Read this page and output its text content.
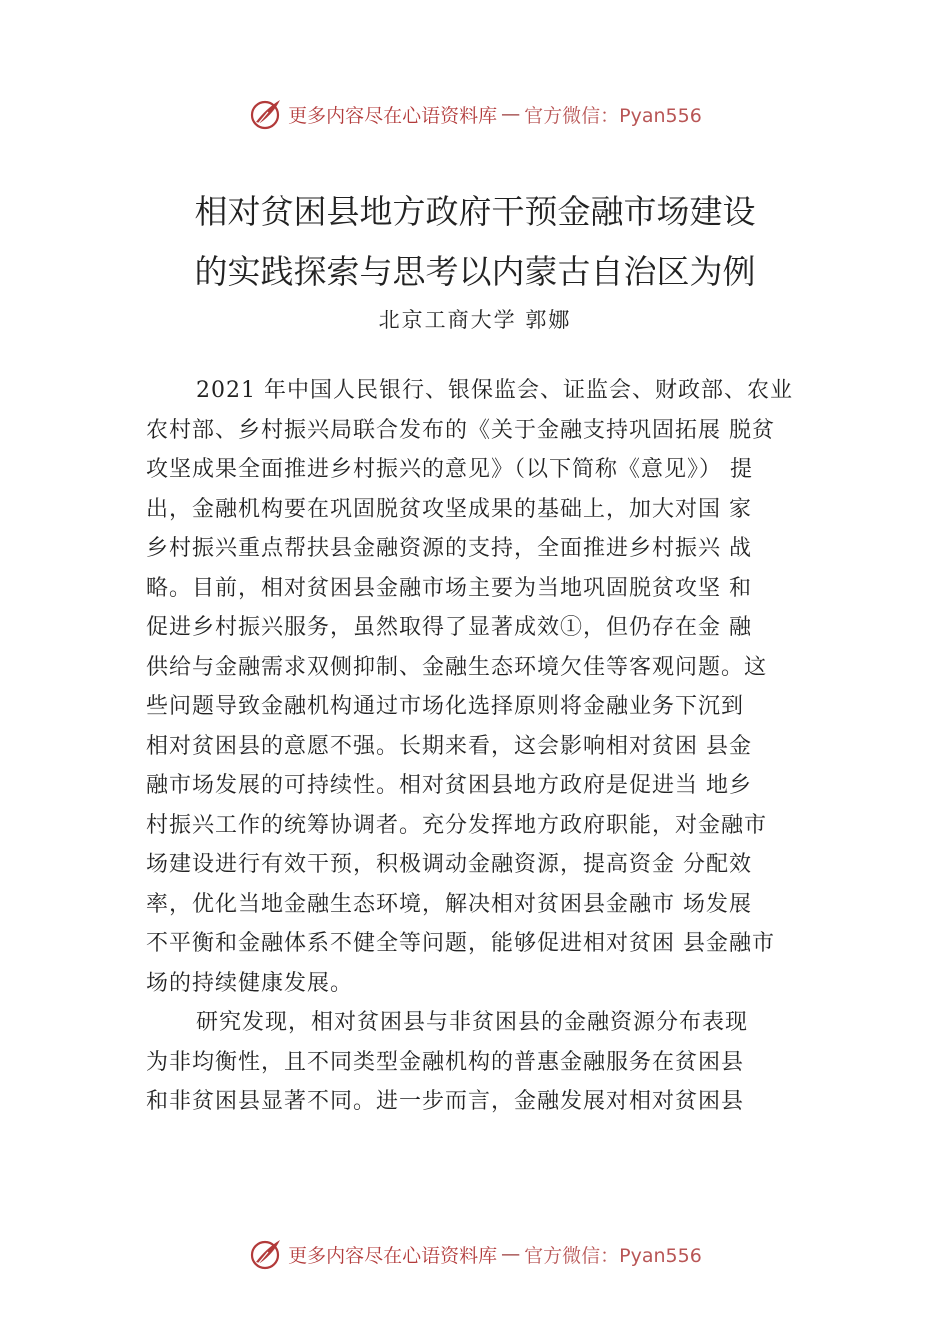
更多内容尽在心语资料库 — 官方微信：Pyan556
相对贫困县地方政府干预金融市场建设
的实践探索与思考以内蒙古自治区为例
北京工商大学 郭娜
2021 年中国人民银行、银保监会、证监会、财政部、农业
农村部、乡村振兴局联合发布的《关于金融支持巩固拓展 脱贫
攻坚成果全面推进乡村振兴的意见》（以下简称《意见》） 提
出，金融机构要在巩固脱贫攻坚成果的基础上，加大对国 家
乡村振兴重点帮扶县金融资源的支持，全面推进乡村振兴 战
略。目前，相对贫困县金融市场主要为当地巩固脱贫攻坚 和
促进乡村振兴服务，虽然取得了显著成效①，但仍存在金 融
供给与金融需求双侧抑制、金融生态环境欠佳等客观问题。这
些问题导致金融机构通过市场化选择原则将金融业务下沉到
相对贫困县的意愿不强。长期来看，这会影响相对贫困 县金
融市场发展的可持续性。相对贫困县地方政府是促进当 地乡
村振兴工作的统筹协调者。充分发挥地方政府职能，对金融市
场建设进行有效干预，积极调动金融资源，提高资金 分配效
率，优化当地金融生态环境，解决相对贫困县金融市 场发展
不平衡和金融体系不健全等问题，能够促进相对贫困 县金融市
场的持续健康发展。
研究发现，相对贫困县与非贫困县的金融资源分布表现
为非均衡性，且不同类型金融机构的普惠金融服务在贫困县
和非贫困县显著不同。进一步而言，金融发展对相对贫困县
更多内容尽在心语资料库 — 官方微信：Pyan556
